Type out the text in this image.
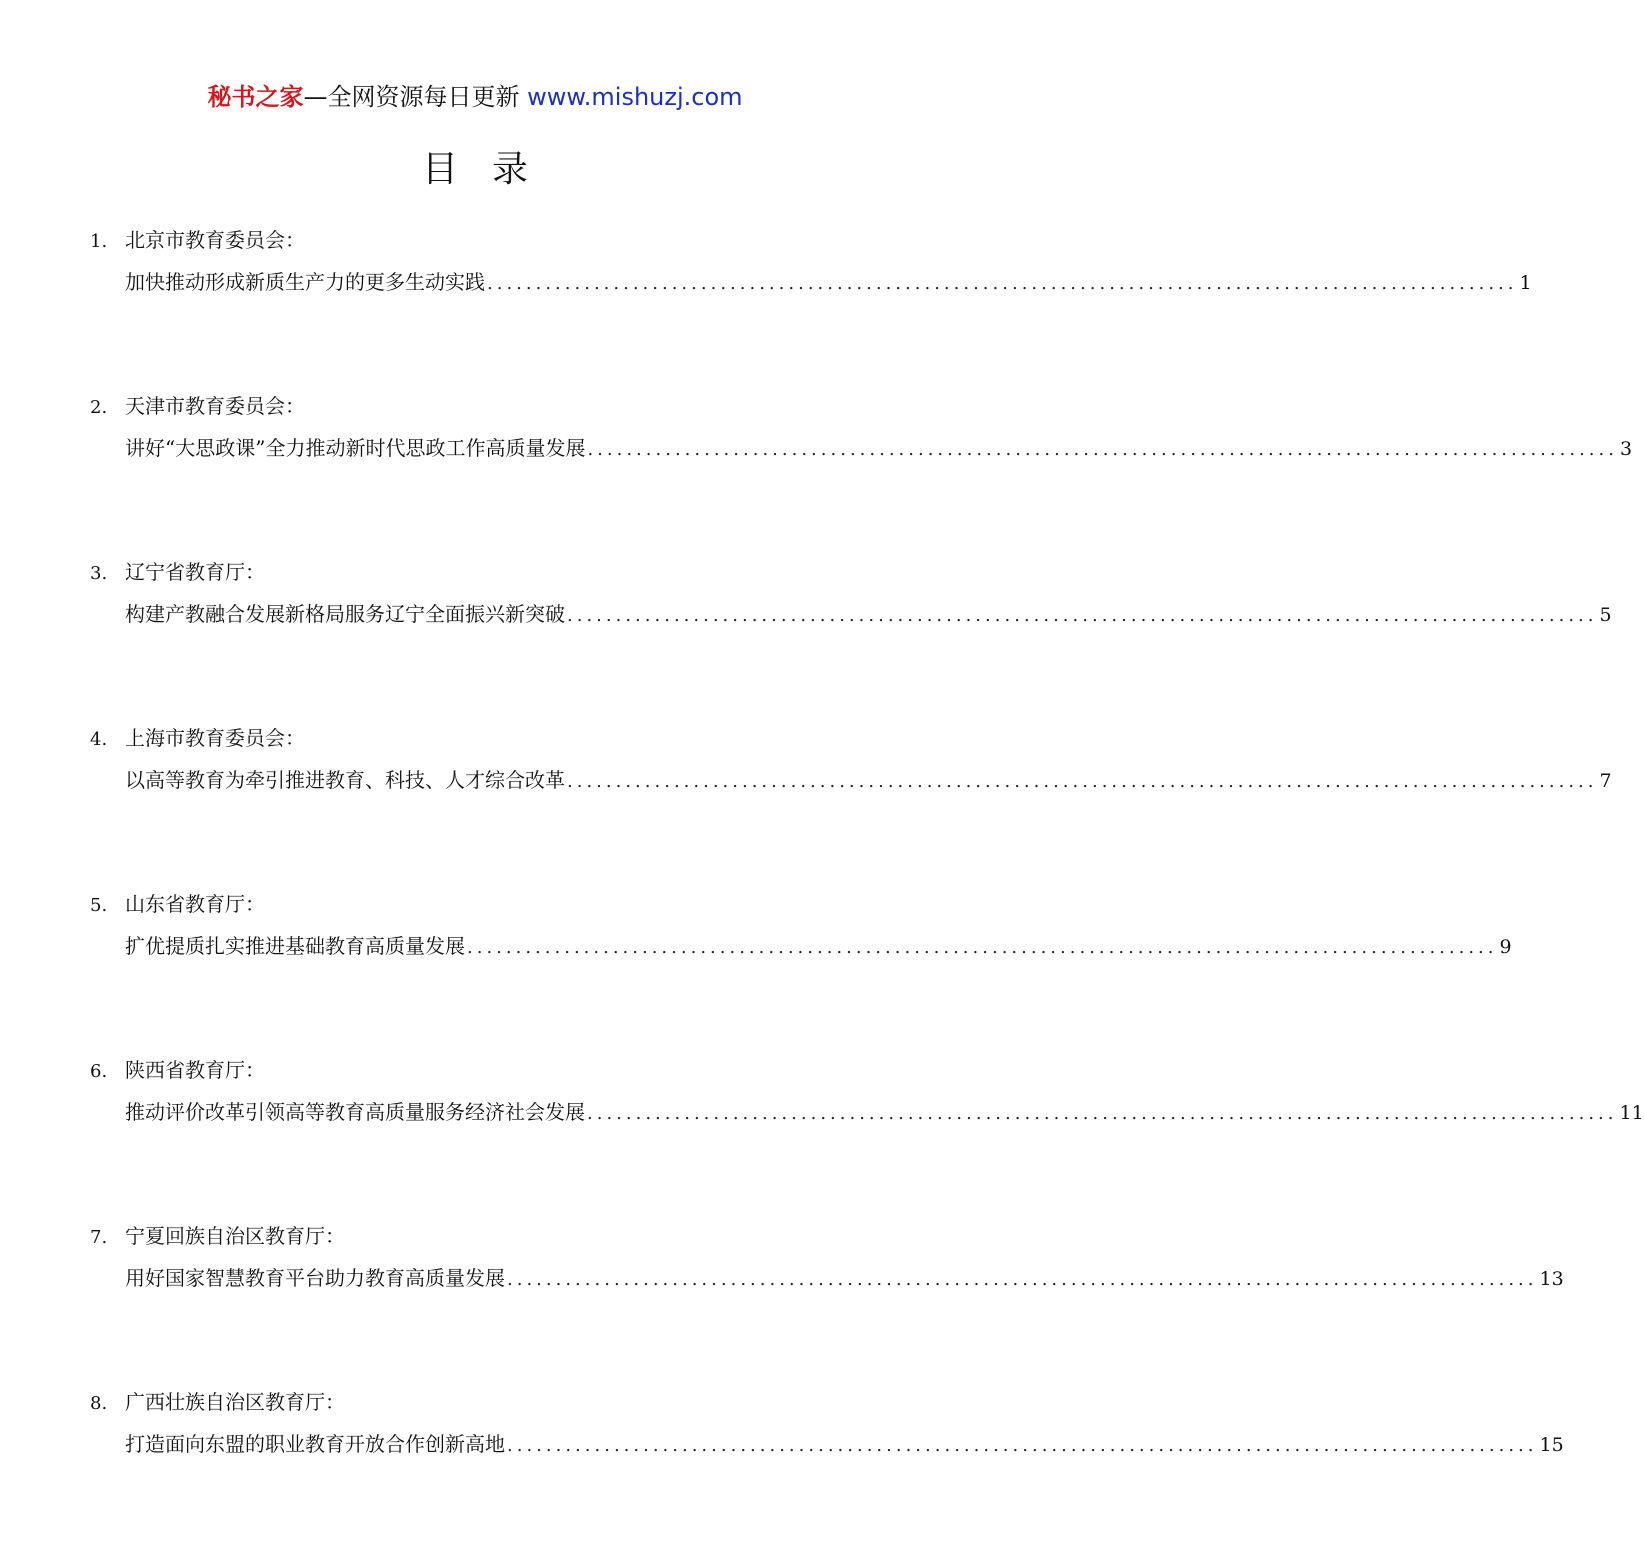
秘书之家—全网资源每日更新 www.mishuzj.com
目录
1. 北京市教育委员会：
加快推动形成新质生产力的更多生动实践 .......................................................................................................... 1
2. 天津市教育委员会：
讲好“大思政课”全力推动新时代思政工作高质量发展 .......................................................................................................... 3
3. 辽宁省教育厅：
构建产教融合发展新格局服务辽宁全面振兴新突破 .......................................................................................................... 5
4. 上海市教育委员会：
以高等教育为牵引推进教育、科技、人才综合改革 .......................................................................................................... 7
5. 山东省教育厅：
扩优提质扎实推进基础教育高质量发展 .......................................................................................................... 9
6. 陕西省教育厅：
推动评价改革引领高等教育高质量服务经济社会发展 .......................................................................................................... 11
7. 宁夏回族自治区教育厅：
用好国家智慧教育平台助力教育高质量发展 .......................................................................................................... 13
8. 广西壮族自治区教育厅：
打造面向东盟的职业教育开放合作创新高地 .......................................................................................................... 15
